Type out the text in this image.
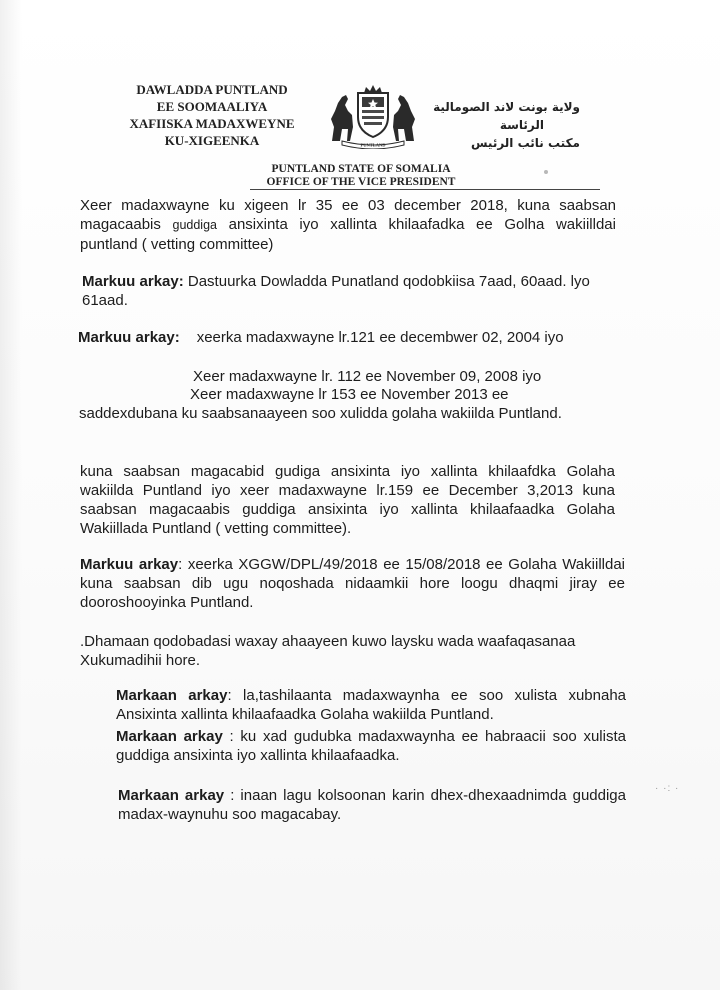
DAWLADDA PUNTLAND
EE SOOMAALIYA
XAFIISKA MADAXWEYNE
KU-XIGEENKA	PUNTLAND
ولاية بونت لاند الصومالية
الرئاسة
مكتب نائب الرئيس
PUNTLAND STATE OF SOMALIA
OFFICE OF THE VICE PRESIDENT
Xeer madaxwayne ku xigeen lr 35 ee 03 december 2018, kuna saabsan magacaabis guddiga ansixinta iyo xallinta khilaafadka ee Golha wakiilldai puntland ( vetting committee)
Markuu arkay: Dastuurka Dowladda Punatland qodobkiisa 7aad, 60aad. lyo 61aad.
Markuu arkay: xeerka madaxwayne lr.121 ee decembwer 02, 2004 iyo
Xeer madaxwayne lr. 112 ee November 09, 2008 iyo
Xeer madaxwayne lr 153 ee November 2013 ee
saddexdubana ku saabsanaayeen soo xulidda golaha wakiilda Puntland.
kuna saabsan magacabid gudiga ansixinta iyo xallinta khilaafdka Golaha wakiilda Puntland iyo xeer madaxwayne lr.159 ee December 3,2013 kuna saabsan magacaabis guddiga ansixinta iyo xallinta khilaafaadka Golaha Wakiillada Puntland ( vetting committee).
Markuu arkay: xeerka XGGW/DPL/49/2018 ee 15/08/2018 ee Golaha Wakiilldai kuna saabsan dib ugu noqoshada nidaamkii hore loogu dhaqmi jiray ee dooroshooyinka Puntland.
.Dhamaan qodobadasi waxay ahaayeen kuwo laysku wada waafaqasanaa Xukumadihii hore.
Markaan arkay: la,tashilaanta madaxwaynha ee soo xulista xubnaha Ansixinta xallinta khilaafaadka Golaha wakiilda Puntland.
Markaan arkay : ku xad gudubka madaxwaynha ee habraacii soo xulista guddiga ansixinta iyo xallinta khilaafaadka.
Markaan arkay : inaan lagu kolsoonan karin dhex-dhexaadnimda guddiga madax-waynuhu soo magacabay.
· ·: ·
